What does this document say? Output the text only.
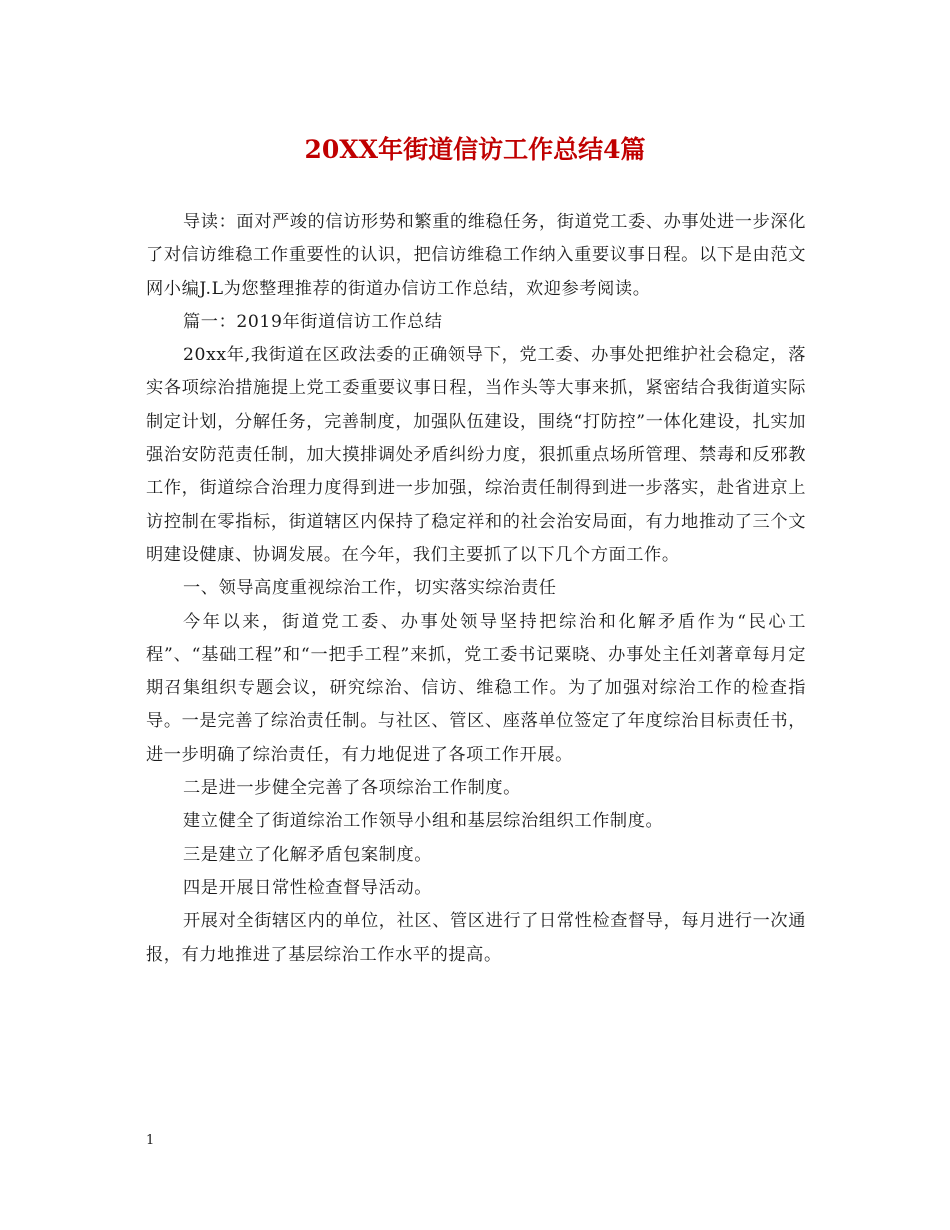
20XX年街道信访工作总结4篇

导读：面对严竣的信访形势和繁重的维稳任务，街道党工委、办事处进一步深化了对信访维稳工作重要性的认识，把信访维稳工作纳入重要议事日程。以下是由范文网小编J.L为您整理推荐的街道办信访工作总结，欢迎参考阅读。

篇一：2019年街道信访工作总结

20xx年,我街道在区政法委的正确领导下，党工委、办事处把维护社会稳定，落实各项综治措施提上党工委重要议事日程，当作头等大事来抓，紧密结合我街道实际制定计划，分解任务，完善制度，加强队伍建设，围绕“打防控”一体化建设，扎实加强治安防范责任制，加大摸排调处矛盾纠纷力度，狠抓重点场所管理、禁毒和反邪教工作，街道综合治理力度得到进一步加强，综治责任制得到进一步落实，赴省进京上访控制在零指标，街道辖区内保持了稳定祥和的社会治安局面，有力地推动了三个文明建设健康、协调发展。在今年，我们主要抓了以下几个方面工作。

一、领导高度重视综治工作，切实落实综治责任

今年以来，街道党工委、办事处领导坚持把综治和化解矛盾作为“民心工程”、“基础工程”和“一把手工程”来抓，党工委书记粟晓、办事处主任刘著章每月定期召集组织专题会议，研究综治、信访、维稳工作。为了加强对综治工作的检查指导。一是完善了综治责任制。与社区、管区、座落单位签定了年度综治目标责任书，进一步明确了综治责任，有力地促进了各项工作开展。

二是进一步健全完善了各项综治工作制度。

建立健全了街道综治工作领导小组和基层综治组织工作制度。

三是建立了化解矛盾包案制度。

四是开展日常性检查督导活动。

开展对全街辖区内的单位，社区、管区进行了日常性检查督导，每月进行一次通报，有力地推进了基层综治工作水平的提高。

1
